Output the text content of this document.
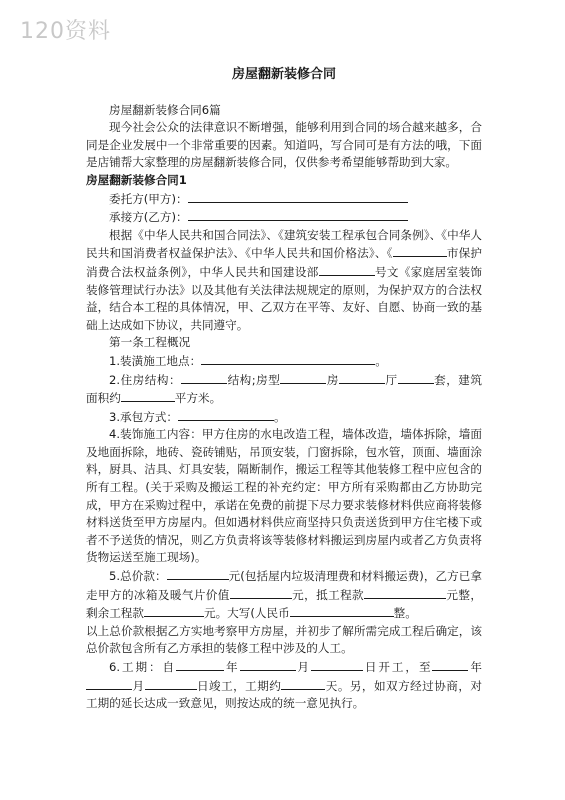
120资料
房屋翻新装修合同

房屋翻新装修合同6篇

现今社会公众的法律意识不断增强，能够利用到合同的场合越来越多，合同是企业发展中一个非常重要的因素。知道吗，写合同可是有方法的哦，下面是店铺帮大家整理的房屋翻新装修合同，仅供参考希望能够帮助到大家。

房屋翻新装修合同1

委托方(甲方)：

承接方(乙方)：

根据《中华人民共和国合同法》、《建筑安装工程承包合同条例》、《中华人民共和国消费者权益保护法》、《中华人民共和国价格法》、《	市保护消费合法权益条例》，中华人民共和国建设部	号文《家庭居室装饰装修管理试行办法》以及其他有关法律法规规定的原则，为保护双方的合法权益，结合本工程的具体情况，甲、乙双方在平等、友好、自愿、协商一致的基础上达成如下协议，共同遵守。

第一条工程概况

1.装潢施工地点：	。

2.住房结构：	结构;房型	房	厅	套，建筑面积约	平方米。

3.承包方式：	。

4.装饰施工内容：甲方住房的水电改造工程，墙体改造，墙体拆除，墙面及地面拆除，地砖、瓷砖铺贴，吊顶安装，门窗拆除，包水管，顶面、墙面涂料，厨具、洁具、灯具安装，隔断制作，搬运工程等其他装修工程中应包含的所有工程。(关于采购及搬运工程的补充约定：甲方所有采购都由乙方协助完成，甲方在采购过程中，承诺在免费的前提下尽力要求装修材料供应商将装修材料送货至甲方房屋内。但如遇材料供应商坚持只负责送货到甲方住宅楼下或者不予送货的情况，则乙方负责将该等装修材料搬运到房屋内或者乙方负责将货物运送至施工现场)。

5.总价款：	元(包括屋内垃圾清理费和材料搬运费)，乙方已拿走甲方的冰箱及暖气片价值	元，抵工程款	元整，剩余工程款	元。大写(人民币	整。

以上总价款根据乙方实地考察甲方房屋，并初步了解所需完成工程后确定，该总价款包含所有乙方承担的装修工程中涉及的人工。

6.工期：自	年	月	日开工，至	年月	日竣工，工期约	天。另，如双方经过协商，对工期的延长达成一致意见，则按达成的统一意见执行。
